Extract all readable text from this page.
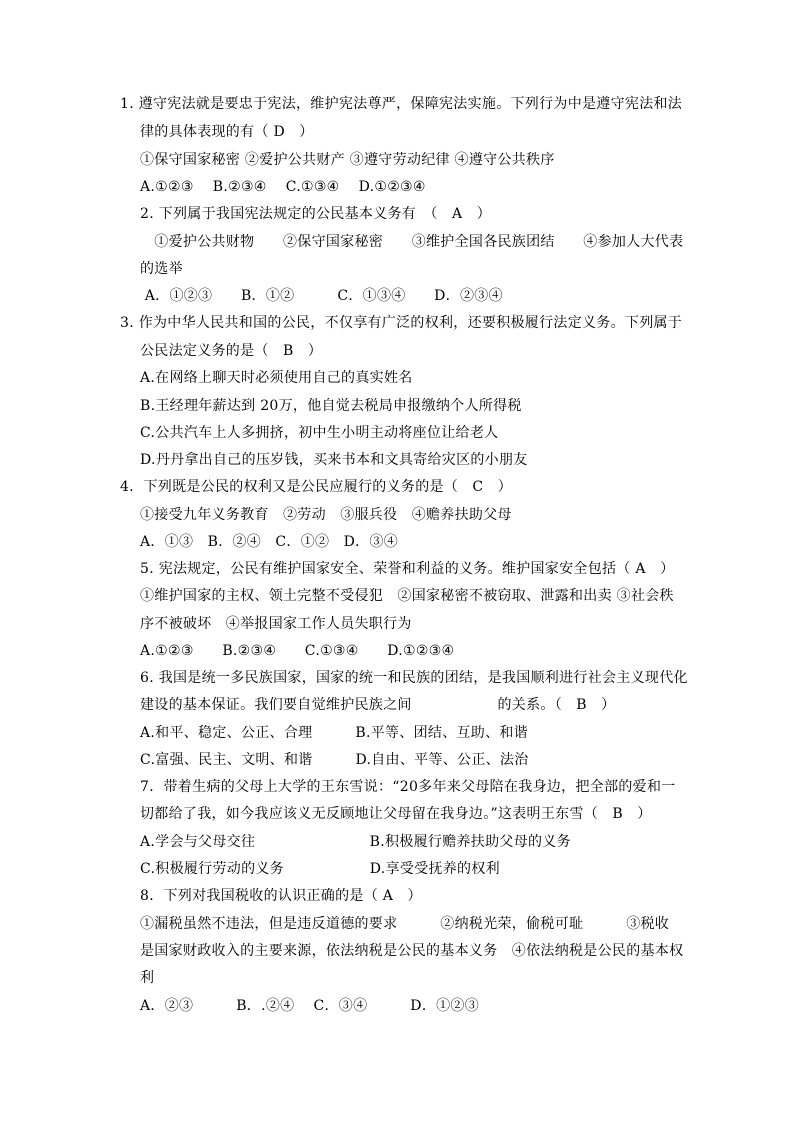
1. 遵守宪法就是要忠于宪法，维护宪法尊严，保障宪法实施。下列行为中是遵守宪法和法
律的具体表现的有（ D　）
①保守国家秘密 ②爱护公共财产 ③遵守劳动纪律 ④遵守公共秩序
A.①②③　 B.②③④　 C.①③④　 D.①②③④
2. 下列属于我国宪法规定的公民基本义务有　（　A　）
　①爱护公共财物　　②保守国家秘密　　③维护全国各民族团结　　④参加人大代表
的选举
A．①②③　　B．①②　　　C．①③④　　D．②③④
3. 作为中华人民共和国的公民，不仅享有广泛的权利，还要积极履行法定义务。下列属于
公民法定义务的是（　B　）
A.在网络上聊天时必须使用自己的真实姓名
B.王经理年薪达到 20万，他自觉去税局申报缴纳个人所得税
C.公共汽车上人多拥挤，初中生小明主动将座位让给老人
D.丹丹拿出自己的压岁钱，买来书本和文具寄给灾区的小朋友
4．下列既是公民的权利又是公民应履行的义务的是（　C　）
①接受九年义务教育　②劳动　③服兵役　④赡养扶助父母
A．①③　B．②④　C．①②　D．③④
5. 宪法规定，公民有维护国家安全、荣誉和利益的义务。维护国家安全包括（ A　）
①维护国家的主权、领土完整不受侵犯　②国家秘密不被窃取、泄露和出卖 ③社会秩
序不被破坏　④举报国家工作人员失职行为
A.①②③　　B.②③④　　C.①③④　　D.①②③④
6. 我国是统一多民族国家，国家的统一和民族的团结，是我国顺利进行社会主义现代化
建设的基本保证。我们要自觉维护民族之间　　　　　　的关系。（　B　）
A.和平、稳定、公正、合理　　　B.平等、团结、互助、和谐
C.富强、民主、文明、和谐　　　D.自由、平等、公正、法治
7．带着生病的父母上大学的王东雪说：“20多年来父母陪在我身边，把全部的爱和一
切都给了我，如今我应该义无反顾地让父母留在我身边。”这表明王东雪（　B　）
A.学会与父母交往　　　　　　　　B.积极履行赡养扶助父母的义务
C.积极履行劳动的义务　　　　　　D.享受受抚养的权利
8．下列对我国税收的认识正确的是（ A　）
①漏税虽然不违法，但是违反道德的要求　　　②纳税光荣，偷税可耻　　　③税收
是国家财政收入的主要来源，依法纳税是公民的基本义务　④依法纳税是公民的基本权
利
A．②③　　　B．.②④　 C．③④　　　D．①②③
